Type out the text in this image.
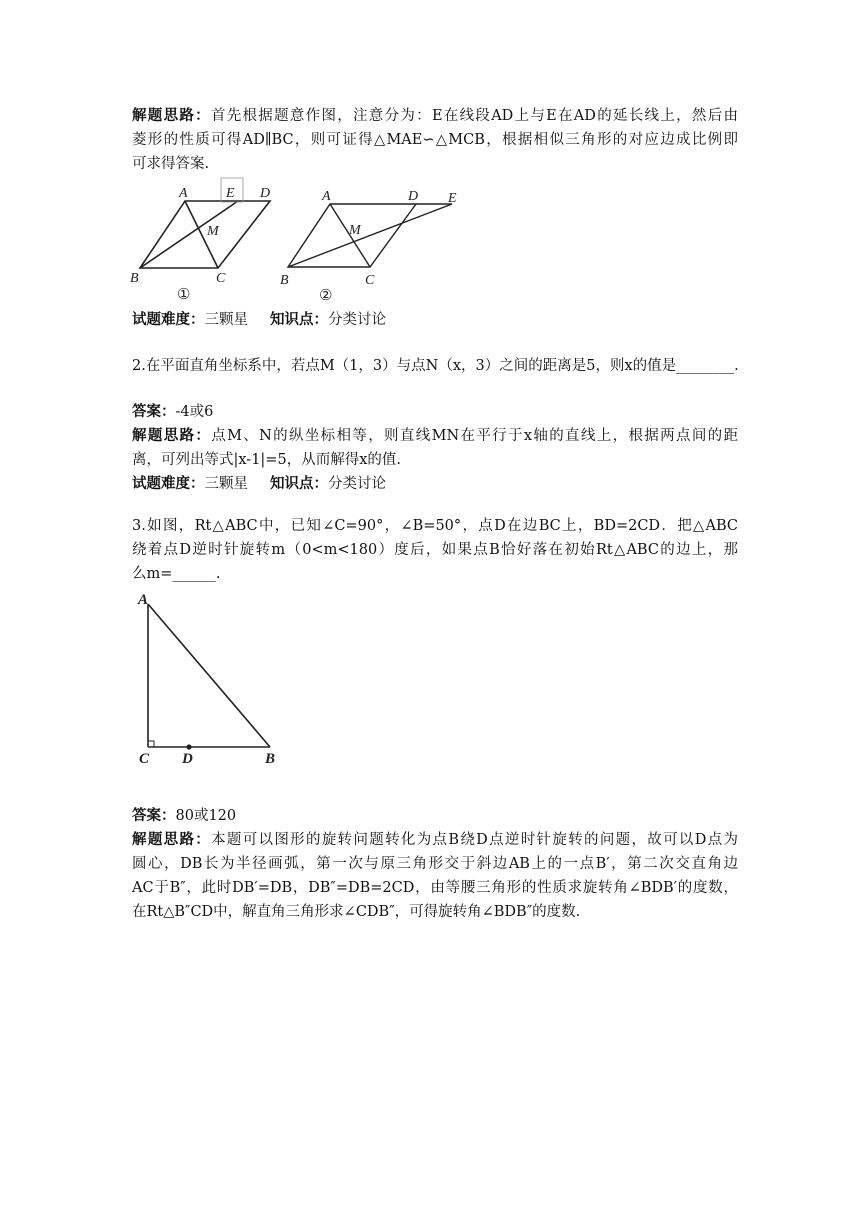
解题思路：首先根据题意作图，注意分为：E在线段AD上与E在AD的延长线上，然后由
菱形的性质可得AD∥BC，则可证得△MAE∽△MCB，根据相似三角形的对应边成比例即
可求得答案.
A	E D
M
B	C
①
A	D E
M
B	C
②
试题难度：三颗星 知识点：分类讨论
2.在平面直角坐标系中，若点M（1，3）与点N（x，3）之间的距离是5，则x的值是________.
答案：-4或6
解题思路：点M、N的纵坐标相等，则直线MN在平行于x轴的直线上，根据两点间的距
离，可列出等式|x-1|=5，从而解得x的值.
试题难度：三颗星 知识点：分类讨论
3.如图，Rt△ABC中，已知∠C=90°，∠B=50°，点D在边BC上，BD=2CD．把△ABC
绕着点D逆时针旋转m（0<m<180）度后，如果点B恰好落在初始Rt△ABC的边上，那
么m=______.
A
C D	B
答案：80或120
解题思路：本题可以图形的旋转问题转化为点B绕D点逆时针旋转的问题，故可以D点为
圆心，DB长为半径画弧，第一次与原三角形交于斜边AB上的一点B′，第二次交直角边
AC于B″，此时DB′=DB，DB″=DB=2CD，由等腰三角形的性质求旋转角∠BDB′的度数，
在Rt△B″CD中，解直角三角形求∠CDB″，可得旋转角∠BDB″的度数.
